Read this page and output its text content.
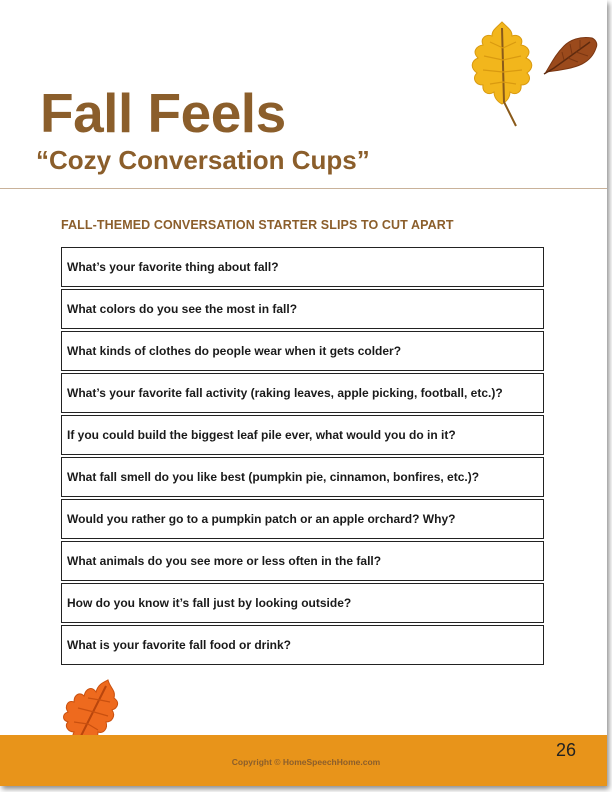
Fall Feels
“Cozy Conversation Cups”
FALL-THEMED CONVERSATION STARTER SLIPS TO CUT APART
What’s your favorite thing about fall?
What colors do you see the most in fall?
What kinds of clothes do people wear when it gets colder?
What’s your favorite fall activity (raking leaves, apple picking, football, etc.)?
If you could build the biggest leaf pile ever, what would you do in it?
What fall smell do you like best (pumpkin pie, cinnamon, bonfires, etc.)?
Would you rather go to a pumpkin patch or an apple orchard? Why?
What animals do you see more or less often in the fall?
How do you know it’s fall just by looking outside?
What is your favorite fall food or drink?
Copyright © HomeSpeechHome.com
26
